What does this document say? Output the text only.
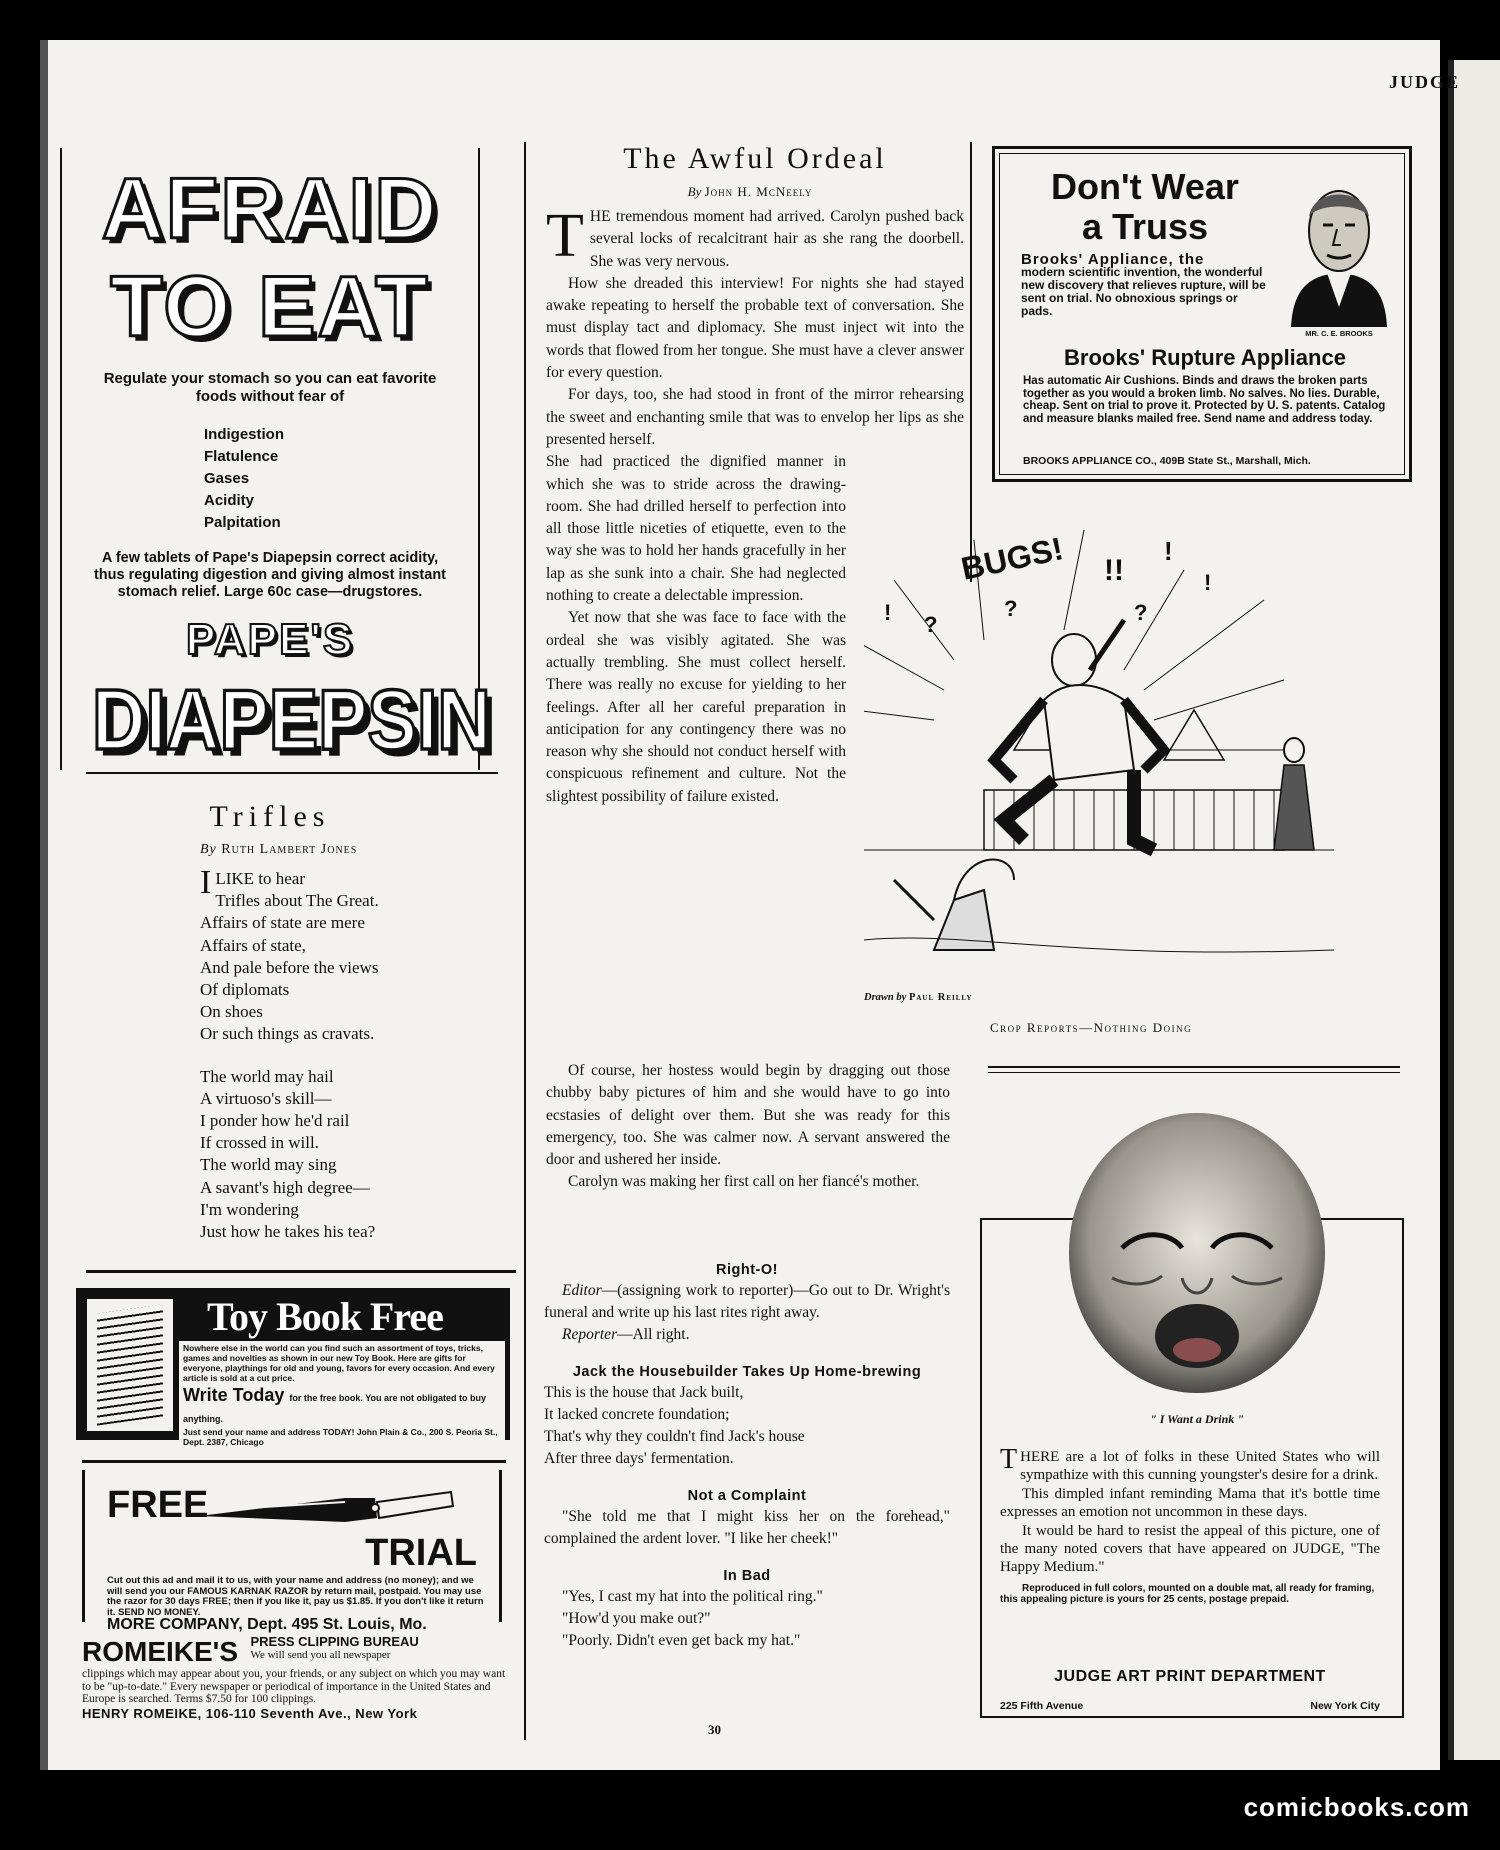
JUDGE
AFRAID
TO EAT
Regulate your stomach so you can eat favorite foods without fear of
Indigestion
Flatulence
Gases
Acidity
Palpitation
A few tablets of Pape's Diapepsin correct acidity, thus regulating digestion and giving almost instant stomach relief. Large 60c case—drugstores.
PAPE'S
DIAPEPSIN
Trifles
By Ruth Lambert Jones
I LIKE to hear
Trifles about The Great.
Affairs of state are mere
Affairs of state,
And pale before the views
Of diplomats
On shoes
Or such things as cravats.
The world may hail
A virtuoso's skill—
I ponder how he'd rail
If crossed in will.
The world may sing
A savant's high degree—
I'm wondering
Just how he takes his tea?
Toy Book Free
Nowhere else in the world can you find such an assortment of toys, tricks, games and novelties as shown in our new Toy Book. Here are gifts for everyone, playthings for old and young, favors for every occasion. And every article is sold at a cut price.
Write Today for the free book. You are not obligated to buy anything.
Just send your name and address TODAY! John Plain & Co., 200 S. Peoria St., Dept. 2387, Chicago
FREE
TRIAL
Cut out this ad and mail it to us, with your name and address (no money); and we will send you our FAMOUS KARNAK RAZOR by return mail, postpaid. You may use the razor for 30 days FREE; then if you like it, pay us $1.85. If you don't like it return it. SEND NO MONEY.
MORE COMPANY, Dept. 495 St. Louis, Mo.
ROMEIKE'S PRESS CLIPPING BUREAU
We will send you all newspaper
clippings which may appear about you, your friends, or any subject on which you may want to be "up-to-date." Every newspaper or periodical of importance in the United States and Europe is searched. Terms $7.50 for 100 clippings.
HENRY ROMEIKE, 106-110 Seventh Ave., New York
The Awful Ordeal
By John H. McNeely

THE tremendous moment had arrived. Carolyn pushed back several locks of recalcitrant hair as she rang the doorbell. She was very nervous.

How she dreaded this interview! For nights she had stayed awake repeating to herself the probable text of conversation. She must display tact and diplomacy. She must inject wit into the words that flowed from her tongue. She must have a clever answer for every question.

For days, too, she had stood in front of the mirror rehearsing the sweet and enchanting smile that was to envelop her lips as she presented herself.

She had practiced the dignified manner in which she was to stride across the drawing-room. She had drilled herself to perfection into all those little niceties of etiquette, even to the way she was to hold her hands gracefully in her lap as she sunk into a chair. She had neglected nothing to create a delectable impression.

Yet now that she was face to face with the ordeal she was visibly agitated. She was actually trembling. She must collect herself. There was really no excuse for yielding to her feelings. After all her careful preparation in anticipation for any contingency there was no reason why she should not conduct herself with conspicuous refinement and culture. Not the slightest possibility of failure existed.

Of course, her hostess would begin by dragging out those chubby baby pictures of him and she would have to go into ecstasies of delight over them. But she was ready for this emergency, too. She was calmer now. A servant answered the door and ushered her inside.

Carolyn was making her first call on her fiancé's mother.

Right-O!

Editor—(assigning work to reporter)—Go out to Dr. Wright's funeral and write up his last rites right away.

Reporter—All right.

Jack the Housebuilder Takes Up Home-brewing

This is the house that Jack built,

It lacked concrete foundation;

That's why they couldn't find Jack's house

After three days' fermentation.

Not a Complaint

"She told me that I might kiss her on the forehead," complained the ardent lover. "I like her cheek!"

In Bad

"Yes, I cast my hat into the political ring."

"How'd you make out?"

"Poorly. Didn't even get back my hat."

30
Don't Wear
a Truss
MR. C. E. BROOKS
Brooks' Appliance, the
modern scientific invention, the wonderful new discovery that relieves rupture, will be sent on trial. No obnoxious springs or pads.
Brooks' Rupture Appliance
Has automatic Air Cushions. Binds and draws the broken parts together as you would a broken limb. No salves. No lies. Durable, cheap. Sent on trial to prove it. Protected by U. S. patents. Catalog and measure blanks mailed free. Send name and address today.
BROOKS APPLIANCE CO., 409B State St., Marshall, Mich.
BUGS!
?
?	?
!!
!
!
!
Drawn by Paul Reilly
Crop Reports—Nothing Doing
" I Want a Drink "

THERE are a lot of folks in these United States who will sympathize with this cunning youngster's desire for a drink.

This dimpled infant reminding Mama that it's bottle time expresses an emotion not uncommon in these days.

It would be hard to resist the appeal of this picture, one of the many noted covers that have appeared on JUDGE, "The Happy Medium."

Reproduced in full colors, mounted on a double mat, all ready for framing, this appealing picture is yours for 25 cents, postage prepaid.

JUDGE ART PRINT DEPARTMENT
225 Fifth Avenue	New York City
comicbooks.com
